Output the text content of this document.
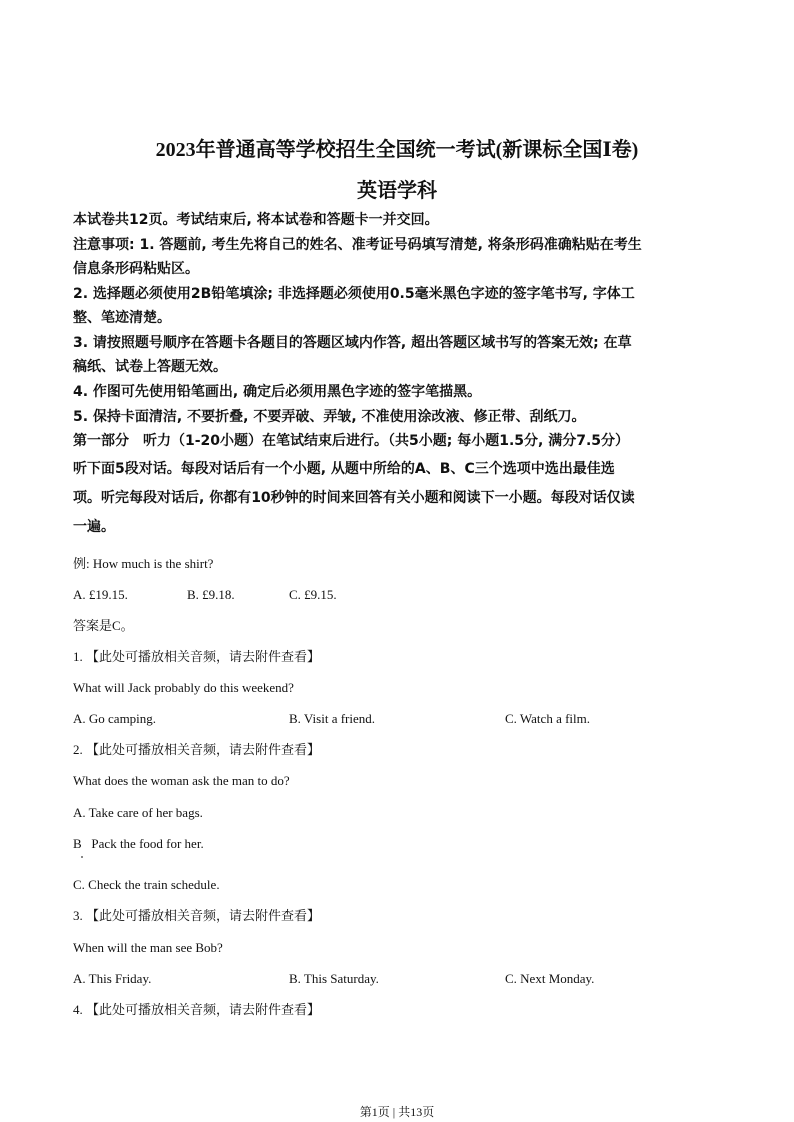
2023年普通高等学校招生全国统一考试(新课标全国Ⅰ卷)
英语学科
本试卷共12页。考试结束后, 将本试卷和答题卡一并交回。
注意事项: 1. 答题前, 考生先将自己的姓名、准考证号码填写清楚, 将条形码准确粘贴在考生
信息条形码粘贴区。
2. 选择题必须使用2B铅笔填涂; 非选择题必须使用0.5毫米黑色字迹的签字笔书写, 字体工
整、笔迹清楚。
3. 请按照题号顺序在答题卡各题目的答题区域内作答, 超出答题区域书写的答案无效; 在草
稿纸、试卷上答题无效。
4. 作图可先使用铅笔画出, 确定后必须用黑色字迹的签字笔描黑。
5. 保持卡面清洁, 不要折叠, 不要弄破、弄皱, 不准使用涂改液、修正带、刮纸刀。
第一部分　听力（1-20小题）在笔试结束后进行。（共5小题; 每小题1.5分, 满分7.5分）
听下面5段对话。每段对话后有一个小题, 从题中所给的A、B、C三个选项中选出最佳选
项。听完每段对话后, 你都有10秒钟的时间来回答有关小题和阅读下一小题。每段对话仅读
一遍。
例: How much is the shirt?
A. £19.15.	B. £9.18.	C. £9.15.
答案是C。
1. 【此处可播放相关音频，请去附件查看】
What will Jack probably do this weekend?
A. Go camping.	B. Visit a friend.	C. Watch a film.
2. 【此处可播放相关音频，请去附件查看】
What does the woman ask the man to do?
A. Take care of her bags.
B   Pack the food for her.
C. Check the train schedule.
3. 【此处可播放相关音频，请去附件查看】
When will the man see Bob?
A. This Friday.	B. This Saturday.	C. Next Monday.
4. 【此处可播放相关音频，请去附件查看】
第1页 | 共13页
